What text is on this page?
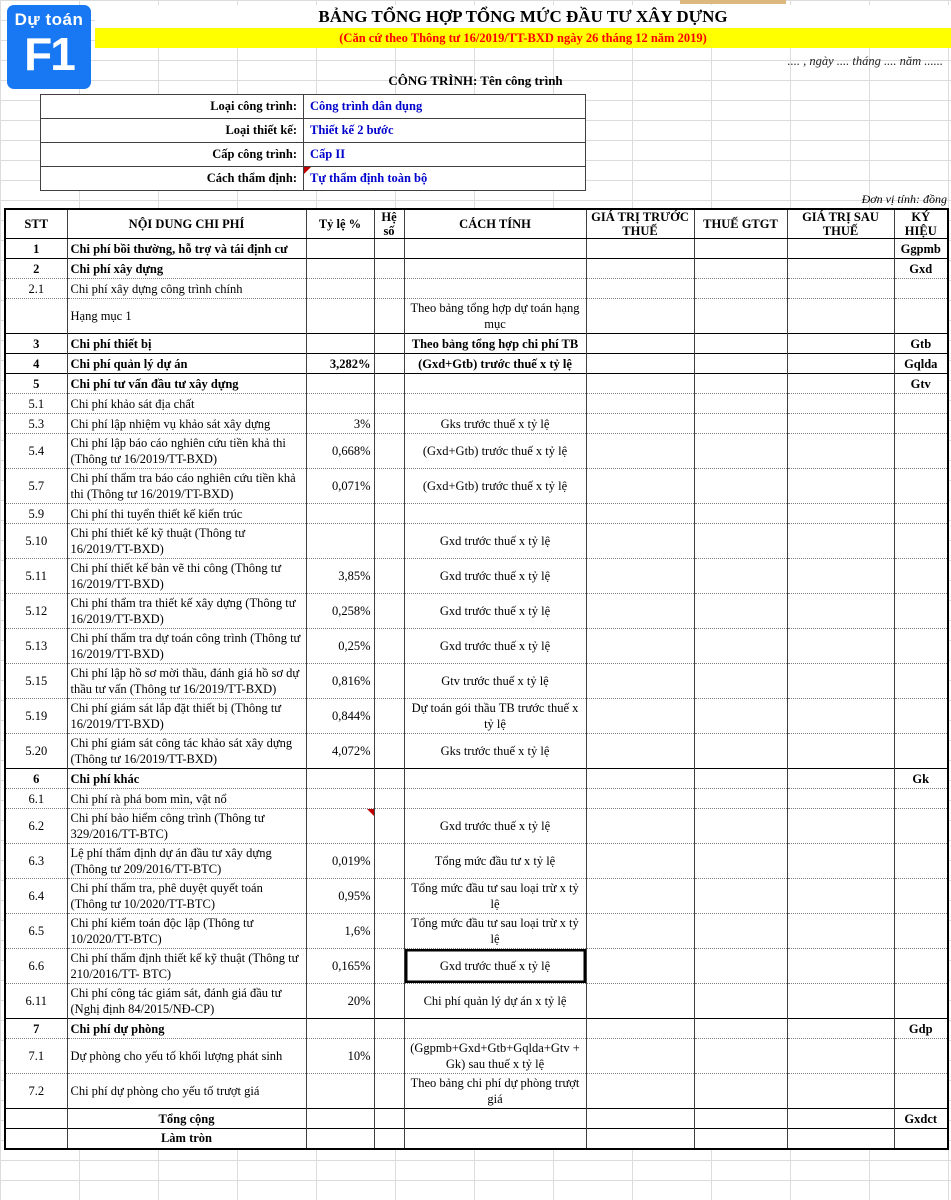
Dự toán
F1
BẢNG TỔNG HỢP TỔNG MỨC ĐẦU TƯ XÂY DỰNG
(Căn cứ theo Thông tư 16/2019/TT-BXD ngày 26 tháng 12 năm 2019)
.... , ngày .... tháng .... năm ......
CÔNG TRÌNH: Tên công trình
Loại công trình:	Công trình dân dụng
Loại thiết kế:	Thiết kế 2 bước
Cấp công trình:	Cấp II
Cách thẩm định:	Tự thẩm định toàn bộ
Đơn vị tính: đồng
STT	NỘI DUNG CHI PHÍ	Tỷ lệ %	Hệ số	CÁCH TÍNH	GIÁ TRỊ TRƯỚC THUẾ	THUẾ GTGT	GIÁ TRỊ SAU THUẾ	KÝ HIỆU
1	Chi phí bồi thường, hỗ trợ và tái định cư							Ggpmb
2	Chi phí xây dựng							Gxd
2.1	Chi phí xây dựng công trình chính							
	Hạng mục 1			Theo bảng tổng hợp dự toán hạng mục				
3	Chi phí thiết bị			Theo bảng tổng hợp chi phí TB				Gtb
4	Chi phí quản lý dự án	3,282%		(Gxd+Gtb) trước thuế x tỷ lệ				Gqlda
5	Chi phí tư vấn đầu tư xây dựng							Gtv
5.1	Chi phí khảo sát địa chất							
5.3	Chi phí lập nhiệm vụ khảo sát xây dựng	3%		Gks trước thuế x tỷ lệ				
5.4	Chi phí lập báo cáo nghiên cứu tiền khả thi (Thông tư 16/2019/TT-BXD)	0,668%		(Gxd+Gtb) trước thuế x tỷ lệ				
5.7	Chi phí thẩm tra báo cáo nghiên cứu tiền khả thi (Thông tư 16/2019/TT-BXD)	0,071%		(Gxd+Gtb) trước thuế x tỷ lệ				
5.9	Chi phí thi tuyển thiết kế kiến trúc							
5.10	Chi phí thiết kế kỹ thuật (Thông tư 16/2019/TT-BXD)			Gxd trước thuế x tỷ lệ				
5.11	Chi phí thiết kế bản vẽ thi công (Thông tư 16/2019/TT-BXD)	3,85%		Gxd trước thuế x tỷ lệ				
5.12	Chi phí thẩm tra thiết kế xây dựng (Thông tư 16/2019/TT-BXD)	0,258%		Gxd trước thuế x tỷ lệ				
5.13	Chi phí thẩm tra dự toán công trình (Thông tư 16/2019/TT-BXD)	0,25%		Gxd trước thuế x tỷ lệ				
5.15	Chi phí lập hồ sơ mời thầu, đánh giá hồ sơ dự thầu tư vấn (Thông tư 16/2019/TT-BXD)	0,816%		Gtv trước thuế x tỷ lệ				
5.19	Chi phí giám sát lắp đặt thiết bị (Thông tư 16/2019/TT-BXD)	0,844%		Dự toán gói thầu TB trước thuế x tỷ lệ				
5.20	Chi phí giám sát công tác khảo sát xây dựng (Thông tư 16/2019/TT-BXD)	4,072%		Gks trước thuế x tỷ lệ				
6	Chi phí khác							Gk
6.1	Chi phí rà phá bom mìn, vật nổ							
6.2	Chi phí bảo hiểm công trình (Thông tư 329/2016/TT-BTC)			Gxd trước thuế x tỷ lệ				
6.3	Lệ phí thẩm định dự án đầu tư xây dựng (Thông tư 209/2016/TT-BTC)	0,019%		Tổng mức đầu tư x tỷ lệ				
6.4	Chi phí thẩm tra, phê duyệt quyết toán (Thông tư 10/2020/TT-BTC)	0,95%		Tổng mức đầu tư sau loại trừ x tỷ lệ				
6.5	Chi phí kiểm toán độc lập (Thông tư 10/2020/TT-BTC)	1,6%		Tổng mức đầu tư sau loại trừ x tỷ lệ				
6.6	Chi phí thẩm định thiết kế kỹ thuật (Thông tư 210/2016/TT- BTC)	0,165%		Gxd trước thuế x tỷ lệ				
6.11	Chi phí công tác giám sát, đánh giá đầu tư (Nghị định 84/2015/NĐ-CP)	20%		Chi phí quản lý dự án x tỷ lệ				
7	Chi phí dự phòng							Gdp
7.1	Dự phòng cho yếu tố khối lượng phát sinh	10%		(Ggpmb+Gxd+Gtb+Gqlda+Gtv + Gk) sau thuế x tỷ lệ				
7.2	Chi phí dự phòng cho yếu tố trượt giá			Theo bảng chi phí dự phòng trượt giá				
	Tổng cộng							Gxdct
	Làm tròn							
